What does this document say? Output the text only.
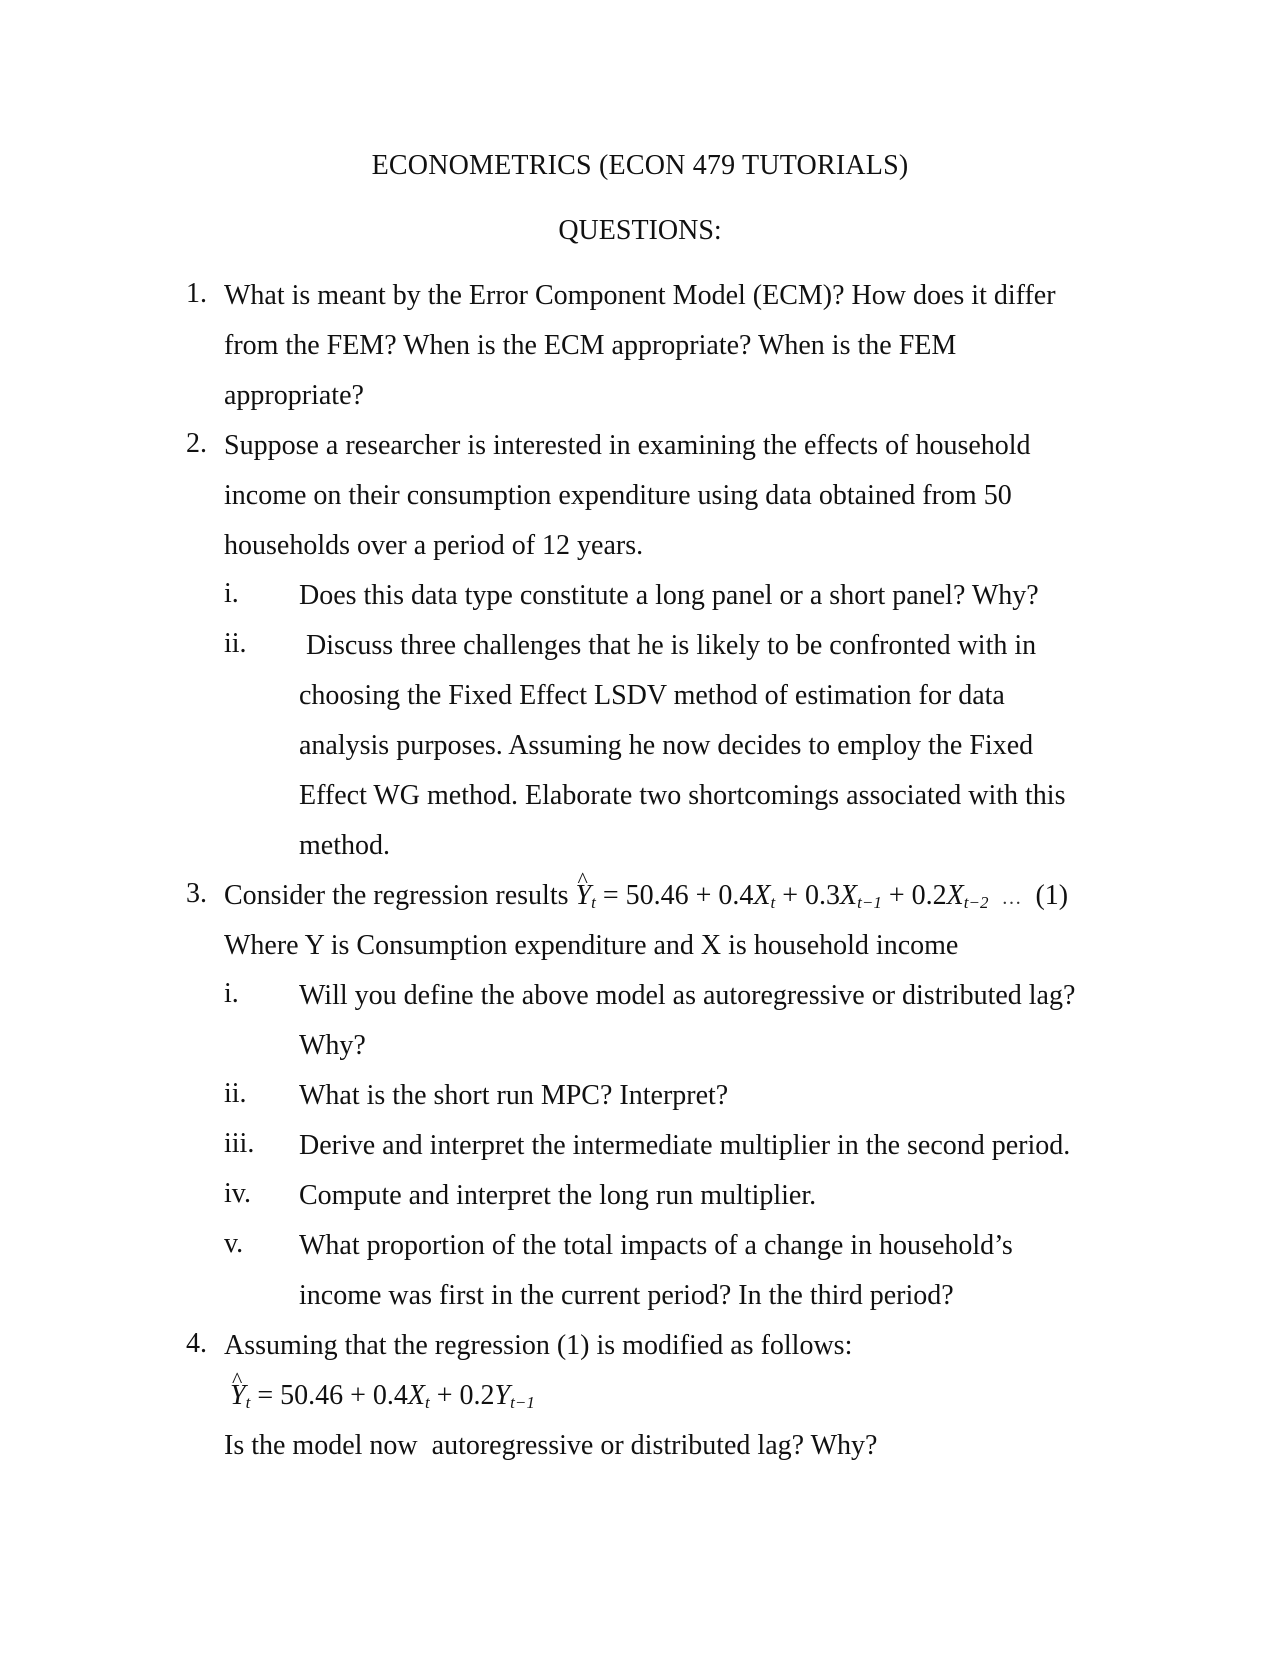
ECONOMETRICS (ECON 479 TUTORIALS)
QUESTIONS:
1. What is meant by the Error Component Model (ECM)? How does it differ
from the FEM? When is the ECM appropriate? When is the FEM
appropriate?
2. Suppose a researcher is interested in examining the effects of household
income on their consumption expenditure using data obtained from 50
households over a period of 12 years.
i. Does this data type constitute a long panel or a short panel? Why?
ii. Discuss three challenges that he is likely to be confronted with in
choosing the Fixed Effect LSDV method of estimation for data
analysis purposes. Assuming he now decides to employ the Fixed
Effect WG method. Elaborate two shortcomings associated with this
method.
3. Consider the regression results ^ $Y_t = 50.46 + 0.4X_t + 0.3X_{t-1} + 0.2X_{t-2}$ … (1)
Where Y is Consumption expenditure and X is household income
i. Will you define the above model as autoregressive or distributed lag?
Why?
ii. What is the short run MPC? Interpret?
iii. Derive and interpret the intermediate multiplier in the second period.
iv. Compute and interpret the long run multiplier.
v. What proportion of the total impacts of a change in household’s
income was first in the current period? In the third period?
4. Assuming that the regression (1) is modified as follows:
^ $Y_t = 50.46 + 0.4X_t + 0.2Y_{t-1}$
Is the model now  autoregressive or distributed lag? Why?
